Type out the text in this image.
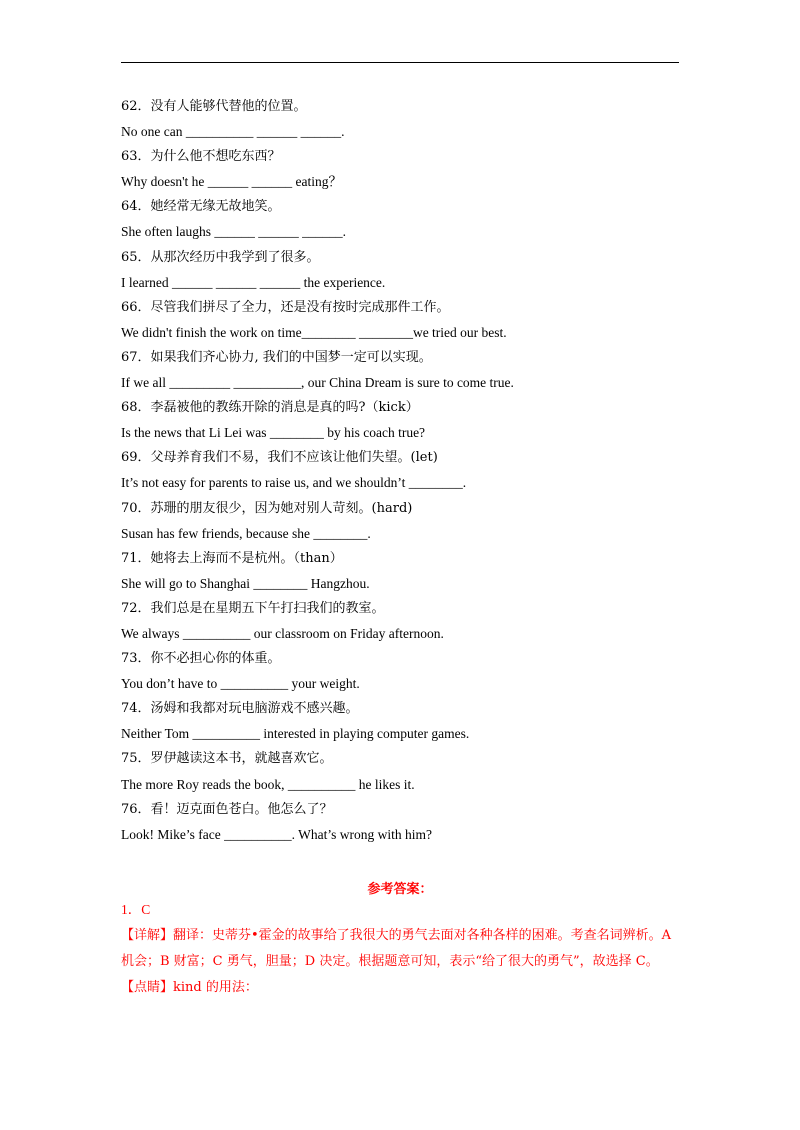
62．没有人能够代替他的位置。
No one can __________ ______ ______.
63．为什么他不想吃东西？
Why doesn't he ______ ______ eating？
64．她经常无缘无故地笑。
She often laughs ______ ______ ______.
65．从那次经历中我学到了很多。
I learned ______ ______ ______ the experience.
66．尽管我们拼尽了全力，还是没有按时完成那件工作。
We didn't finish the work on time________ ________we tried our best.
67．如果我们齐心协力, 我们的中国梦一定可以实现。
If we all _________ __________, our China Dream is sure to come true.
68．李磊被他的教练开除的消息是真的吗?（kick）
Is the news that Li Lei was ________ by his coach true?
69．父母养育我们不易，我们不应该让他们失望。(let)
It’s not easy for parents to raise us, and we shouldn’t ________.
70．苏珊的朋友很少，因为她对别人苛刻。(hard)
Susan has few friends, because she ________.
71．她将去上海而不是杭州。（than）
She will go to Shanghai ________ Hangzhou.
72．我们总是在星期五下午打扫我们的教室。
We always __________ our classroom on Friday afternoon.
73．你不必担心你的体重。
You don’t have to __________ your weight.
74．汤姆和我都对玩电脑游戏不感兴趣。
Neither Tom __________ interested in playing computer games.
75．罗伊越读这本书，就越喜欢它。
The more Roy reads the book, __________ he likes it.
76．看！迈克面色苍白。他怎么了？
Look! Mike’s face __________. What’s wrong with him?
参考答案：
1．C
【详解】翻译：史蒂芬•霍金的故事给了我很大的勇气去面对各种各样的困难。考查名词辨析。A 机会；B 财富；C 勇气，胆量；D 决定。根据题意可知，表示“给了很大的勇气”，故选择 C。
【点睛】kind 的用法：
